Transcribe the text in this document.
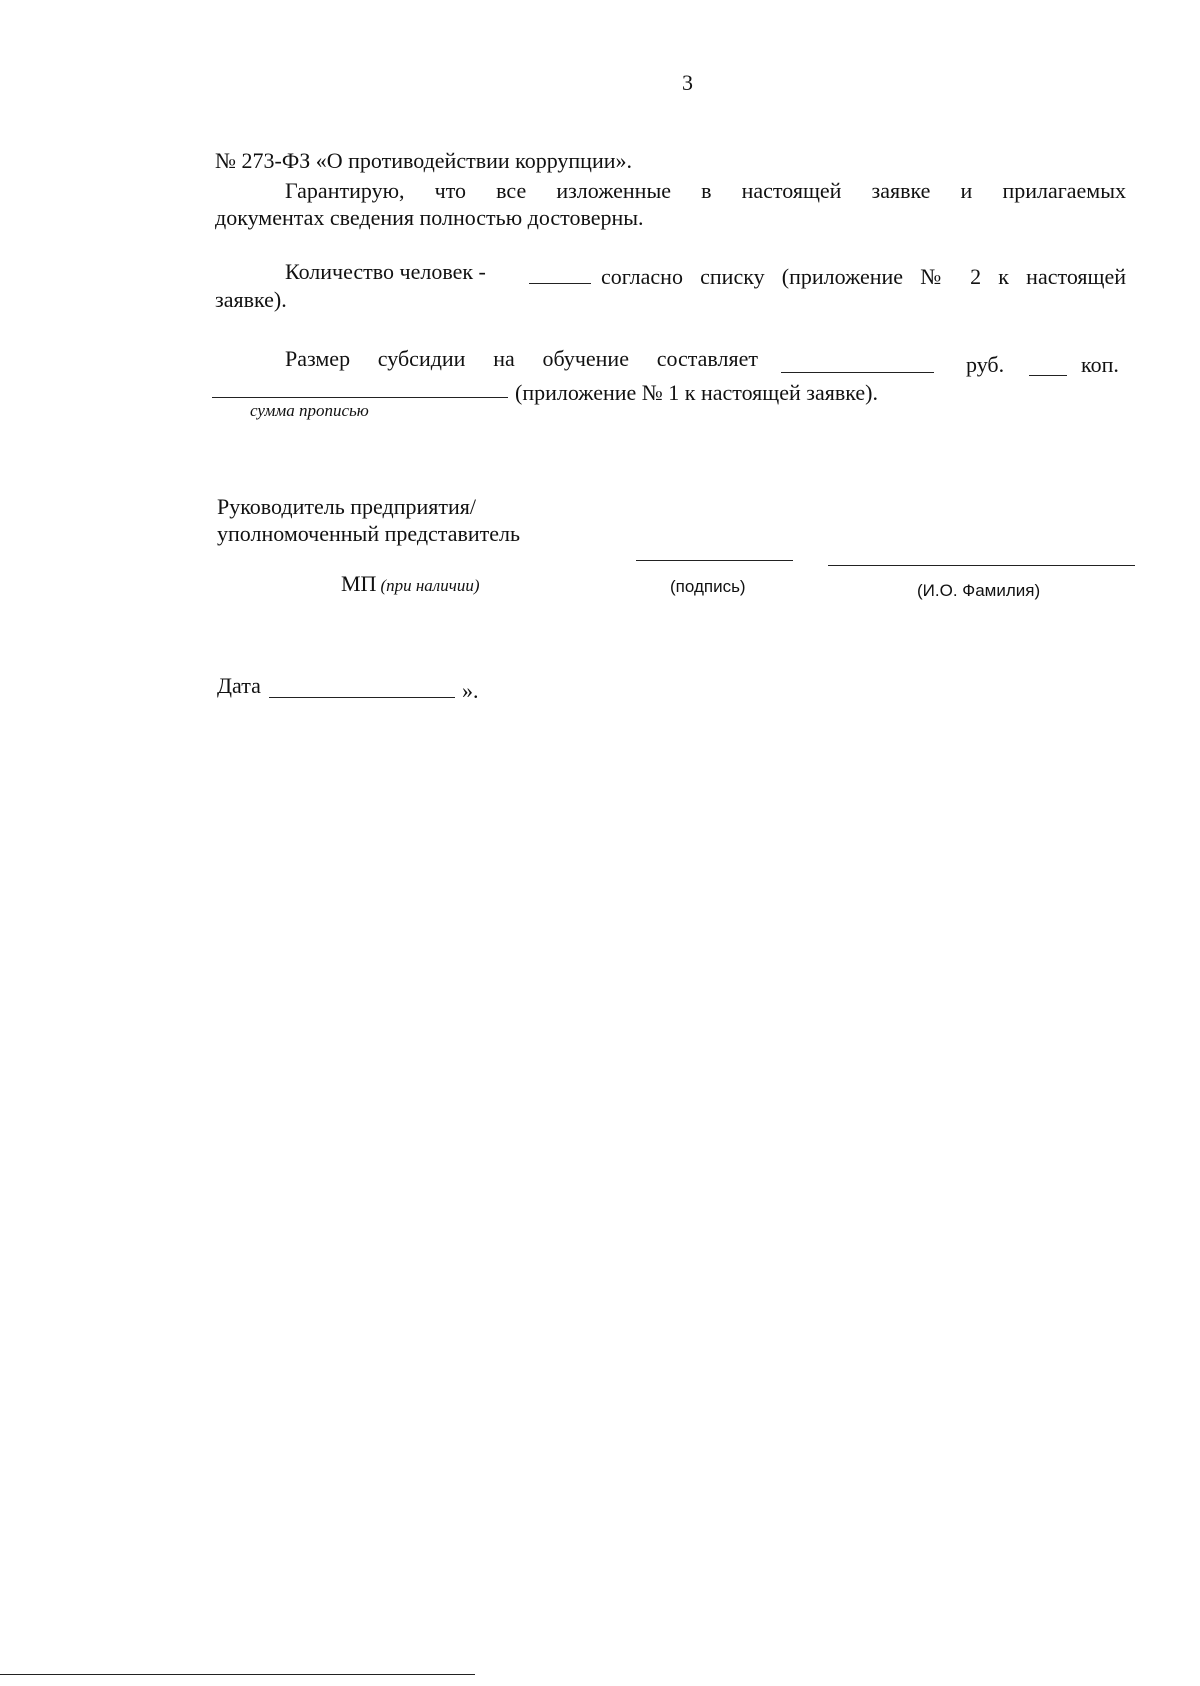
3
№ 273-ФЗ «О противодействии коррупции».
Гарантирую, что все изложенные в настоящей заявке и прилагаемых
документах сведения полностью достоверны.
Количество человек -	согласно списку (приложение № 2 к настоящей
заявке).
Размер субсидии на обучение составляет	руб.	коп.
(приложение № 1 к настоящей заявке).
сумма прописью
Руководитель предприятия/
уполномоченный представитель
МП (при наличии)	(подпись)	(И.О. Фамилия)
Дата	».
